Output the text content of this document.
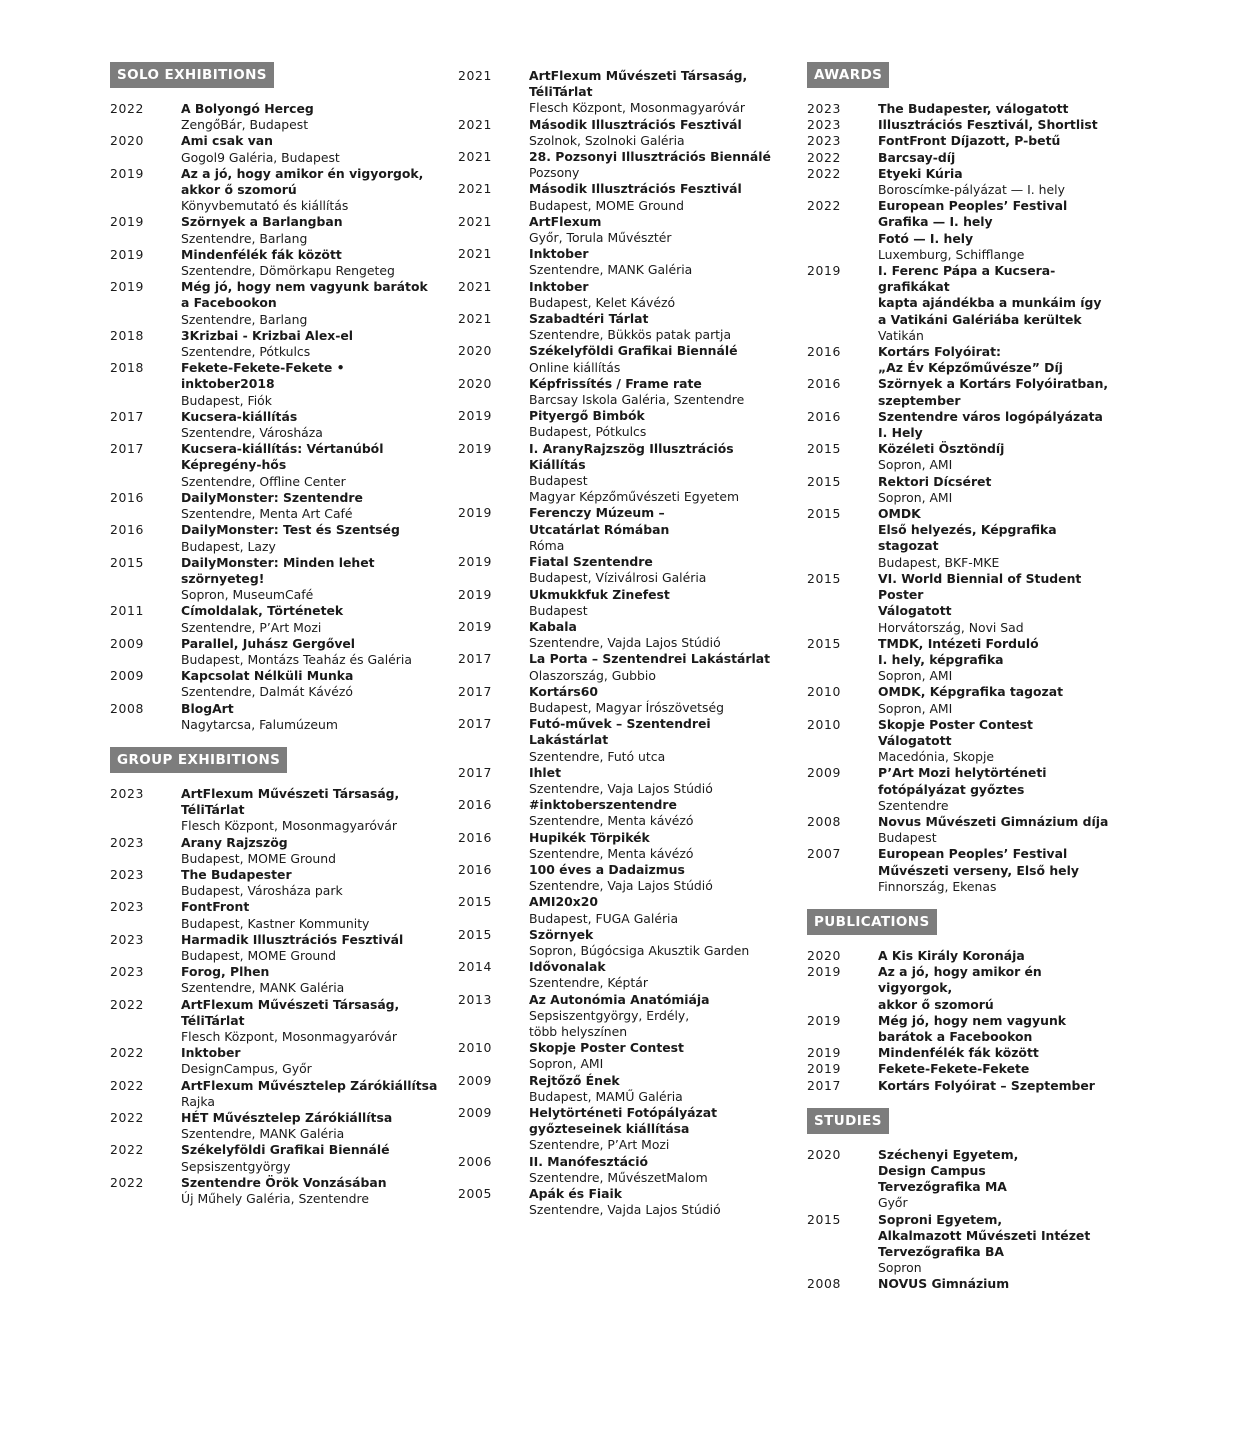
SOLO EXHIBITIONS
2022	A Bolyongó Herceg
ZengőBár, Budapest
2020	Ami csak van
Gogol9 Galéria, Budapest
2019	Az a jó, hogy amikor én vigyorgok,
akkor ő szomorú
Könyvbemutató és kiállítás
2019	Szörnyek a Barlangban
Szentendre, Barlang
2019	Mindenfélék fák között
Szentendre, Dömörkapu Rengeteg
2019	Még jó, hogy nem vagyunk barátok
a Facebookon
Szentendre, Barlang
2018	3Krizbai - Krizbai Alex-el
Szentendre, Pótkulcs
2018	Fekete-Fekete-Fekete • inktober2018
Budapest, Fiók
2017	Kucsera-kiállítás
Szentendre, Városháza
2017	Kucsera-kiállítás: Vértanúból Képregény-hős

Szentendre, Offline Center
2016	DailyMonster: Szentendre
Szentendre, Menta Art Café
2016	DailyMonster: Test és Szentség
Budapest, Lazy
2015	DailyMonster: Minden lehet szörnyeteg!
Sopron, MuseumCafé
2011	Címoldalak, Történetek
Szentendre, P’Art Mozi
2009	Parallel, Juhász Gergővel
Budapest, Montázs Teaház és Galéria
2009	Kapcsolat Nélküli Munka
Szentendre, Dalmát Kávézó
2008	BlogArt
Nagytarcsa, Falumúzeum
GROUP EXHIBITIONS
2023	ArtFlexum Művészeti Társaság, TéliTárlat
Flesch Központ, Mosonmagyaróvár
2023	Arany Rajzszög
Budapest, MOME Ground
2023	The Budapester
Budapest, Városháza park
2023	FontFront
Budapest, Kastner Kommunity
2023	Harmadik Illusztrációs Fesztivál
Budapest, MOME Ground
2023	Forog, Plhen
Szentendre, MANK Galéria
2022	ArtFlexum Művészeti Társaság, TéliTárlat
Flesch Központ, Mosonmagyaróvár
2022	Inktober
DesignCampus, Győr
2022	ArtFlexum Művésztelep Zárókiállítsa
Rajka
2022	HÉT Művésztelep Zárókiállítsa
Szentendre, MANK Galéria
2022	Székelyföldi Grafikai Biennálé
Sepsiszentgyörgy
2022	Szentendre Örök Vonzásában
Új Műhely Galéria, Szentendre
2021	ArtFlexum Művészeti Társaság, TéliTárlat
Flesch Központ, Mosonmagyaróvár
2021	Második Illusztrációs Fesztivál
Szolnok, Szolnoki Galéria
2021	28. Pozsonyi Illusztrációs Biennálé
Pozsony
2021	Második Illusztrációs Fesztivál
Budapest, MOME Ground
2021	ArtFlexum
Győr, Torula Művésztér
2021	Inktober
Szentendre, MANK Galéria
2021	Inktober
Budapest, Kelet Kávézó
2021	Szabadtéri Tárlat
Szentendre, Bükkös patak partja
2020	Székelyföldi Grafikai Biennálé
Online kiállítás
2020	Képfrissítés / Frame rate
Barcsay Iskola Galéria, Szentendre
2019	Pityergő Bimbók
Budapest, Pótkulcs
2019	I. AranyRajzszög Illusztrációs Kiállítás
Budapest
Magyar Képzőművészeti Egyetem
2019	Ferenczy Múzeum –
Utcatárlat Rómában
Róma
2019	Fiatal Szentendre
Budapest, Víziválrosi Galéria
2019	Ukmukkfuk Zinefest
Budapest
2019	Kabala
Szentendre, Vajda Lajos Stúdió
2017	La Porta – Szentendrei Lakástárlat
Olaszország, Gubbio
2017	Kortárs60
Budapest, Magyar Írószövetség
2017	Futó-művek – Szentendrei Lakástárlat
Szentendre, Futó utca
2017	Ihlet
Szentendre, Vaja Lajos Stúdió
2016	#inktoberszentendre
Szentendre, Menta kávézó
2016	Hupikék Törpikék
Szentendre, Menta kávézó
2016	100 éves a Dadaizmus
Szentendre, Vaja Lajos Stúdió
2015	AMI20x20
Budapest, FUGA Galéria
2015	Szörnyek
Sopron, Búgócsiga Akusztik Garden
2014	Idővonalak
Szentendre, Képtár
2013	Az Autonómia Anatómiája
Sepsiszentgyörgy, Erdély,
több helyszínen
2010	Skopje Poster Contest
Sopron, AMI
2009	Rejtőző Ének
Budapest, MAMŰ Galéria
2009	Helytörténeti Fotópályázat
győzteseinek kiállítása
Szentendre, P’Art Mozi
2006	II. Manófesztáció
Szentendre, MűvészetMalom
2005	Apák és Fiaik
Szentendre, Vajda Lajos Stúdió
AWARDS
2023	The Budapester, válogatott
2023	Illusztrációs Fesztivál, Shortlist
2023	FontFront Díjazott, P-betű
2022	Barcsay-díj
2022	Etyeki Kúria
Boroscímke-pályázat — I. hely
2022	European Peoples’ Festival
Grafika — I. hely
Fotó — I. hely
Luxemburg, Schifflange
2019	I. Ferenc Pápa a Kucsera-grafikákat
kapta ajándékba a munkáim így
a Vatikáni Galériába kerültek
Vatikán
2016	Kortárs Folyóirat:
„Az Év Képzőművésze” Díj
2016	Szörnyek a Kortárs Folyóiratban,
szeptember
2016	Szentendre város logópályázata
I. Hely
2015	Közéleti Ösztöndíj
Sopron, AMI
2015	Rektori Dícséret
Sopron, AMI
2015	OMDK
Első helyezés, Képgrafika stagozat
Budapest, BKF-MKE
2015	VI. World Biennial of Student Poster
Válogatott
Horvátország, Novi Sad
2015	TMDK, Intézeti Forduló
I. hely, képgrafika
Sopron, AMI
2010	OMDK, Képgrafika tagozat
Sopron, AMI
2010	Skopje Poster Contest
Válogatott
Macedónia, Skopje
2009	P’Art Mozi helytörténeti
fotópályázat győztes
Szentendre
2008	Novus Művészeti Gimnázium díja
Budapest
2007	European Peoples’ Festival
Művészeti verseny, Első hely
Finnország, Ekenas
PUBLICATIONS
2020	A Kis Király Koronája
2019	Az a jó, hogy amikor én vigyorgok,
akkor ő szomorú
2019	Még jó, hogy nem vagyunk
barátok a Facebookon
2019	Mindenfélék fák között
2019	Fekete-Fekete-Fekete
2017	Kortárs Folyóirat – Szeptember
STUDIES
2020	Széchenyi Egyetem,
Design Campus
Tervezőgrafika MA
Győr
2015	Soproni Egyetem,
Alkalmazott Művészeti Intézet
Tervezőgrafika BA
Sopron
2008	NOVUS Gimnázium
